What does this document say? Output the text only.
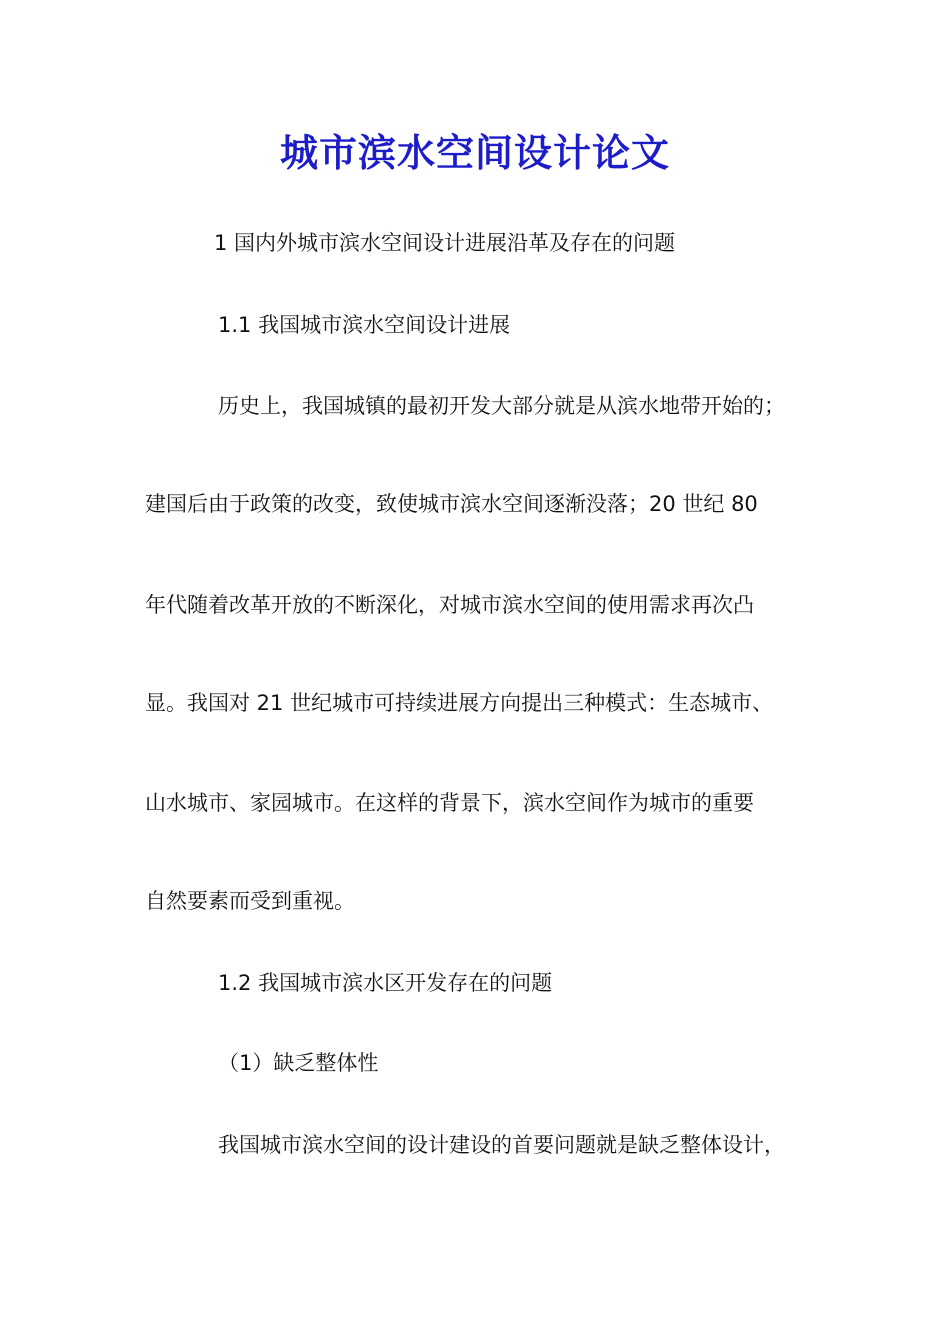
城市滨水空间设计论文
1 国内外城市滨水空间设计进展沿革及存在的问题
1.1 我国城市滨水空间设计进展
历史上，我国城镇的最初开发大部分就是从滨水地带开始的；
建国后由于政策的改变，致使城市滨水空间逐渐没落；20 世纪 80
年代随着改革开放的不断深化，对城市滨水空间的使用需求再次凸
显。我国对 21 世纪城市可持续进展方向提出三种模式：生态城市、
山水城市、家园城市。在这样的背景下，滨水空间作为城市的重要
自然要素而受到重视。
1.2 我国城市滨水区开发存在的问题
（1）缺乏整体性
我国城市滨水空间的设计建设的首要问题就是缺乏整体设计，
